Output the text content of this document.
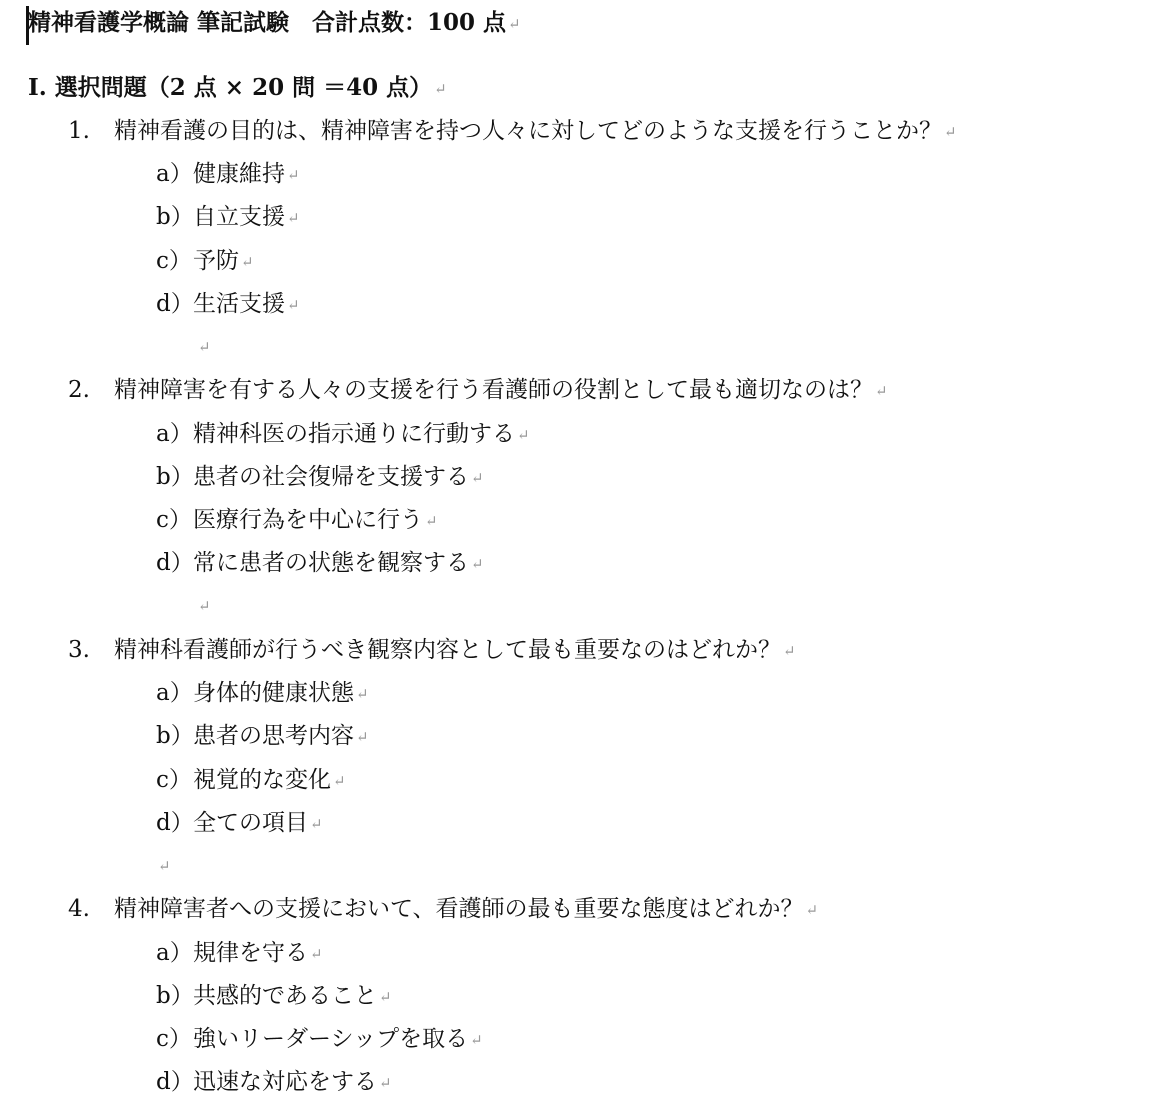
精神看護学概論 筆記試験　合計点数：100 点 ↵
I. 選択問題（2 点 × 20 問 ＝40 点） ↵
1. 精神看護の目的は、精神障害を持つ人々に対してどのような支援を行うことか？ ↵
a）健康維持 ↵
b）自立支援 ↵
c）予防 ↵
d）生活支援 ↵
↵
2. 精神障害を有する人々の支援を行う看護師の役割として最も適切なのは？ ↵
a）精神科医の指示通りに行動する ↵
b）患者の社会復帰を支援する ↵
c）医療行為を中心に行う ↵
d）常に患者の状態を観察する ↵
↵
3. 精神科看護師が行うべき観察内容として最も重要なのはどれか？ ↵
a）身体的健康状態 ↵
b）患者の思考内容 ↵
c）視覚的な変化 ↵
d）全ての項目 ↵
↵
4. 精神障害者への支援において、看護師の最も重要な態度はどれか？ ↵
a）規律を守る ↵
b）共感的であること ↵
c）強いリーダーシップを取る ↵
d）迅速な対応をする ↵
